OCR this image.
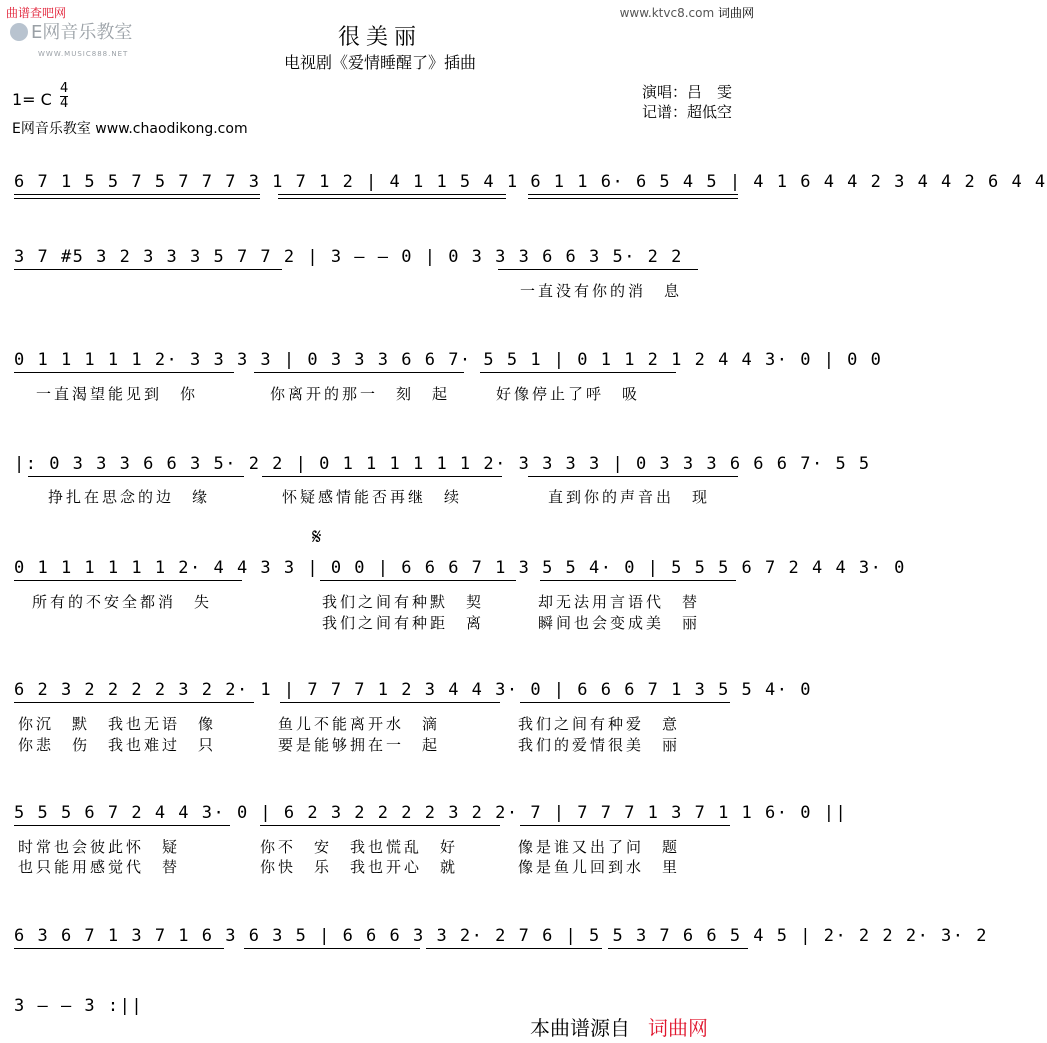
曲谱查吧网
E网音乐教室
WWW.MUSIC888.NET
www.ktvc8.com 词曲网
很美丽
电视剧《爱情睡醒了》插曲
1= C
4
4
E网音乐教室 www.chaodikong.com
演唱：吕　雯
记谱：超低空
6 7 1 5 5 7 5 7 7 7 3 1 7 1 2 | 4 1 1 5 4 1 6 1 1 6· 6 5 4 5 | 4 1 6 4 4 2 3 4 4 2 6 4 4
3 7 #5 3 2 3 3 3 5 7 7 2 | 3 — — 0 | 0 3 3 3 6 6 3 5· 2 2
0 1 1 1 1 1 2· 3 3 3 3 | 0 3 3 3 6 6 7· 5 5 1 | 0 1 1 2 1 2 4 4 3· 0 | 0 0
|: 0 3 3 3 6 6 3 5· 2 2 | 0 1 1 1 1 1 1 2· 3 3 3 3 | 0 3 3 3 6 6 6 7· 5 5
0 1 1 1 1 1 1 2· 4 4 3 3 | 0 0 | 6 6 6 7 1 3 5 5 4· 0 | 5 5 5 6 7 2 4 4 3· 0
6 2 3 2 2 2 2 3 2 2· 1 | 7 7 7 1 2 3 4 4 3· 0 | 6 6 6 7 1 3 5 5 4· 0
5 5 5 6 7 2 4 4 3· 0 | 6 2 3 2 2 2 2 3 2 2· 7 | 7 7 7 1 3 7 1 1 6· 0 ||
6 3 6 7 1 3 7 1 6 3 6 3 5 | 6 6 6 3 3 2· 2 7 6 | 5 5 3 7 6 6 5 4 5 | 2· 2 2 2· 3· 2
3 — — 3 :||
𝄋
一直没有你的消　息
一直渴望能见到　你	你离开的那一　刻　起	好像停止了呼　吸
挣扎在思念的边　缘	怀疑感情能否再继　续	直到你的声音出　现
所有的不安全都消　失	我们之间有种默　契
我们之间有种距　离
却无法用言语代　替
瞬间也会变成美　丽
你沉　默　我也无语　像
你悲　伤　我也难过　只
鱼儿不能离开水　滴
要是能够拥在一　起
我们之间有种爱　意
我们的爱情很美　丽
时常也会彼此怀　疑
也只能用感觉代　替
你不　安　我也慌乱　好
你快　乐　我也开心　就
像是谁又出了问　题
像是鱼儿回到水　里
本曲谱源自 词曲网
